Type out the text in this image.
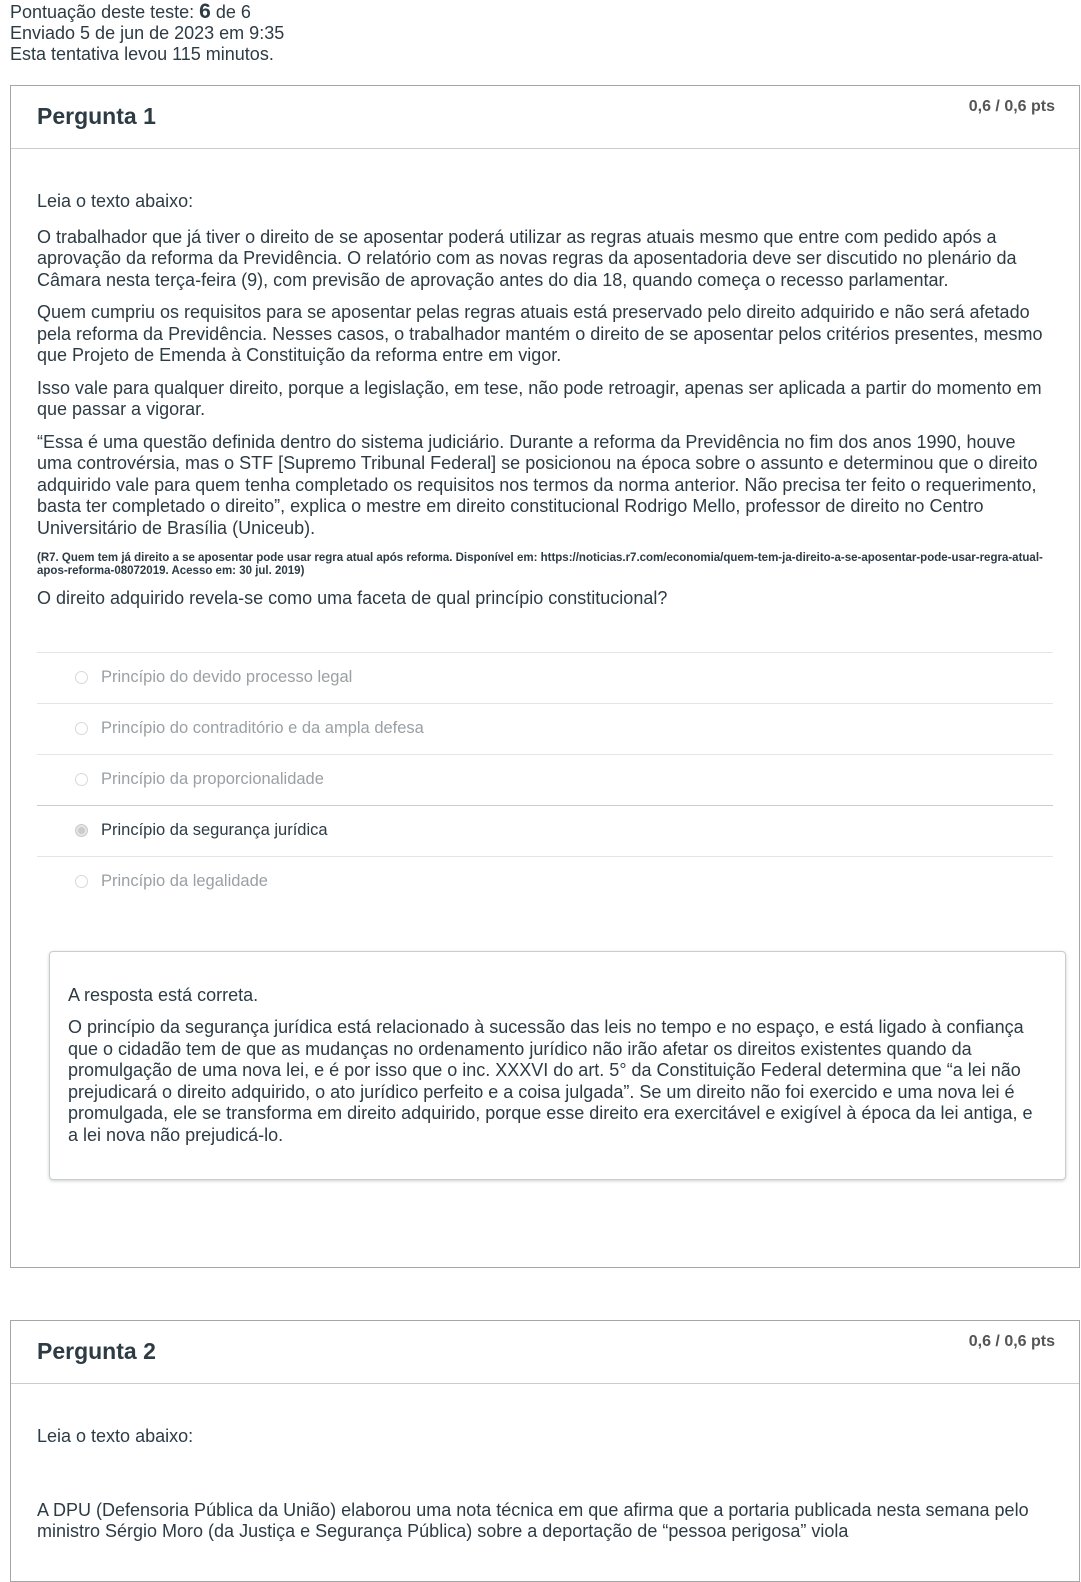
Pontuação deste teste: 6 de 6
Enviado 5 de jun de 2023 em 9:35
Esta tentativa levou 115 minutos.
Pergunta 1	0,6 / 0,6 pts

Leia o texto abaixo:

O trabalhador que já tiver o direito de se aposentar poderá utilizar as regras atuais mesmo que entre com pedido após a aprovação da reforma da Previdência. O relatório com as novas regras da aposentadoria deve ser discutido no plenário da Câmara nesta terça-feira (9), com previsão de aprovação antes do dia 18, quando começa o recesso parlamentar.

Quem cumpriu os requisitos para se aposentar pelas regras atuais está preservado pelo direito adquirido e não será afetado pela reforma da Previdência. Nesses casos, o trabalhador mantém o direito de se aposentar pelos critérios presentes, mesmo que Projeto de Emenda à Constituição da reforma entre em vigor.

Isso vale para qualquer direito, porque a legislação, em tese, não pode retroagir, apenas ser aplicada a partir do momento em que passar a vigorar.

“Essa é uma questão definida dentro do sistema judiciário. Durante a reforma da Previdência no fim dos anos 1990, houve uma controvérsia, mas o STF [Supremo Tribunal Federal] se posicionou na época sobre o assunto e determinou que o direito adquirido vale para quem tenha completado os requisitos nos termos da norma anterior. Não precisa ter feito o requerimento, basta ter completado o direito”, explica o mestre em direito constitucional Rodrigo Mello, professor de direito no Centro Universitário de Brasília (Uniceub).

(R7. Quem tem já direito a se aposentar pode usar regra atual após reforma. Disponível em: https://noticias.r7.com/economia/quem-tem-ja-direito-a-se-aposentar-pode-usar-regra-atual-apos-reforma-08072019. Acesso em: 30 jul. 2019)

O direito adquirido revela-se como uma faceta de qual princípio constitucional?

Princípio do devido processo legal
Princípio do contraditório e da ampla defesa
Princípio da proporcionalidade
Princípio da segurança jurídica
Princípio da legalidade

A resposta está correta.

O princípio da segurança jurídica está relacionado à sucessão das leis no tempo e no espaço, e está ligado à confiança que o cidadão tem de que as mudanças no ordenamento jurídico não irão afetar os direitos existentes quando da promulgação de uma nova lei, e é por isso que o inc. XXXVI do art. 5° da Constituição Federal determina que “a lei não prejudicará o direito adquirido, o ato jurídico perfeito e a coisa julgada”. Se um direito não foi exercido e uma nova lei é promulgada, ele se transforma em direito adquirido, porque esse direito era exercitável e exigível à época da lei antiga, e a lei nova não prejudicá-lo.

Pergunta 2	0,6 / 0,6 pts

Leia o texto abaixo:

A DPU (Defensoria Pública da União) elaborou uma nota técnica em que afirma que a portaria publicada nesta semana pelo ministro Sérgio Moro (da Justiça e Segurança Pública) sobre a deportação de “pessoa perigosa” viola
